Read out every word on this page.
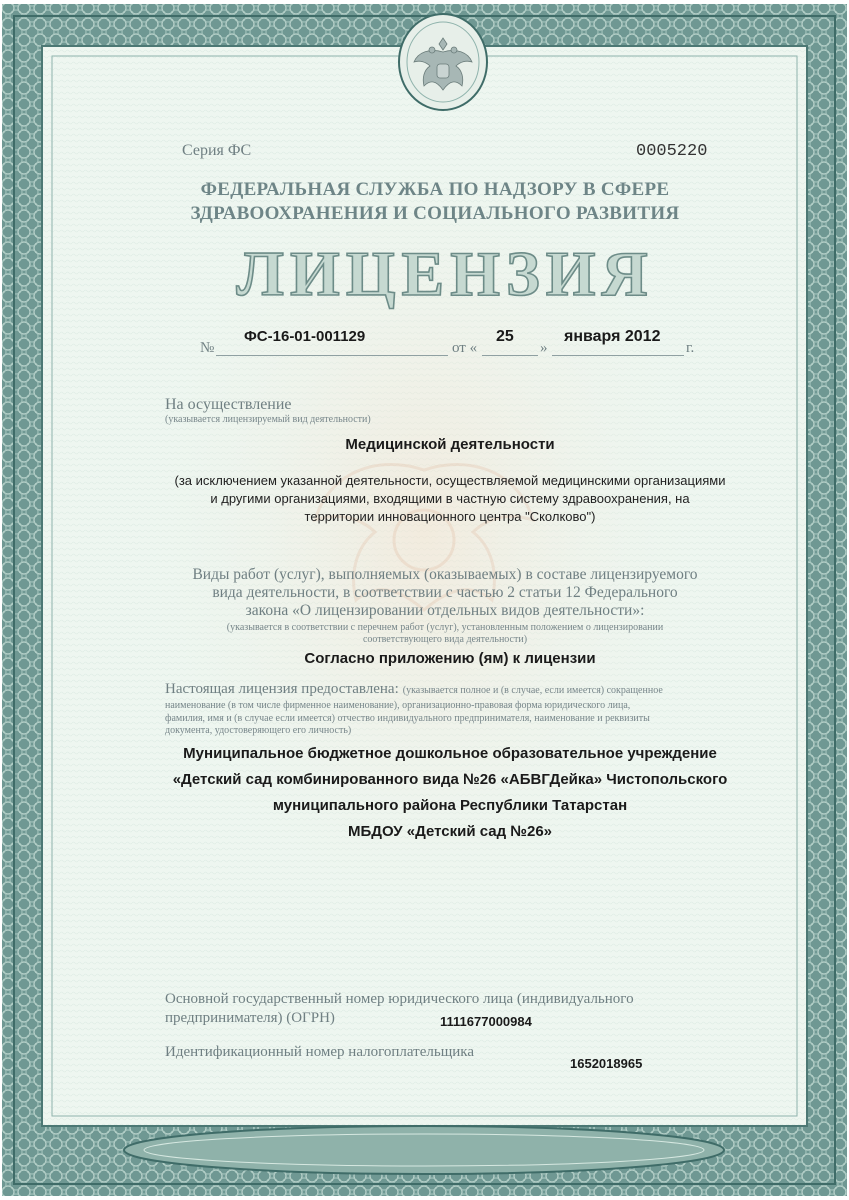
Серия ФС	0005220
ФЕДЕРАЛЬНАЯ СЛУЖБА ПО НАДЗОРУ В СФЕРЕ
ЗДРАВООХРАНЕНИЯ И СОЦИАЛЬНОГО РАЗВИТИЯ
ЛИЦЕНЗИЯ
№
ФС-16-01-001129
от «
25
»
января 2012
г.
На осуществление
(указывается лицензируемый вид деятельности)
Медицинской деятельности
(за исключением указанной деятельности, осуществляемой медицинскими организациями
и другими организациями, входящими в частную систему здравоохранения, на
территории инновационного центра "Сколково")
Виды работ (услуг), выполняемых (оказываемых) в составе лицензируемого
вида деятельности, в соответствии с частью 2 статьи 12 Федерального
закона «О лицензировании отдельных видов деятельности»:
(указывается в соответствии с перечнем работ (услуг), установленным положением о лицензировании
соответствующего вида деятельности)
Согласно приложению (ям) к лицензии
Настоящая лицензия предоставлена: (указывается полное и (в случае, если имеется) сокращенное
наименование (в том числе фирменное наименование), организационно-правовая форма юридического лица,
фамилия, имя и (в случае если имеется) отчество индивидуального предпринимателя, наименование и реквизиты
документа, удостоверяющего его личность)
Муниципальное бюджетное дошкольное образовательное учреждение
«Детский сад комбинированного вида №26 «АБВГДейка» Чистопольского
муниципального района Республики Татарстан
МБДОУ «Детский сад №26»
Основной государственный номер юридического лица (индивидуального
предпринимателя) (ОГРН)	1111677000984
Идентификационный номер налогоплательщика
1652018965
